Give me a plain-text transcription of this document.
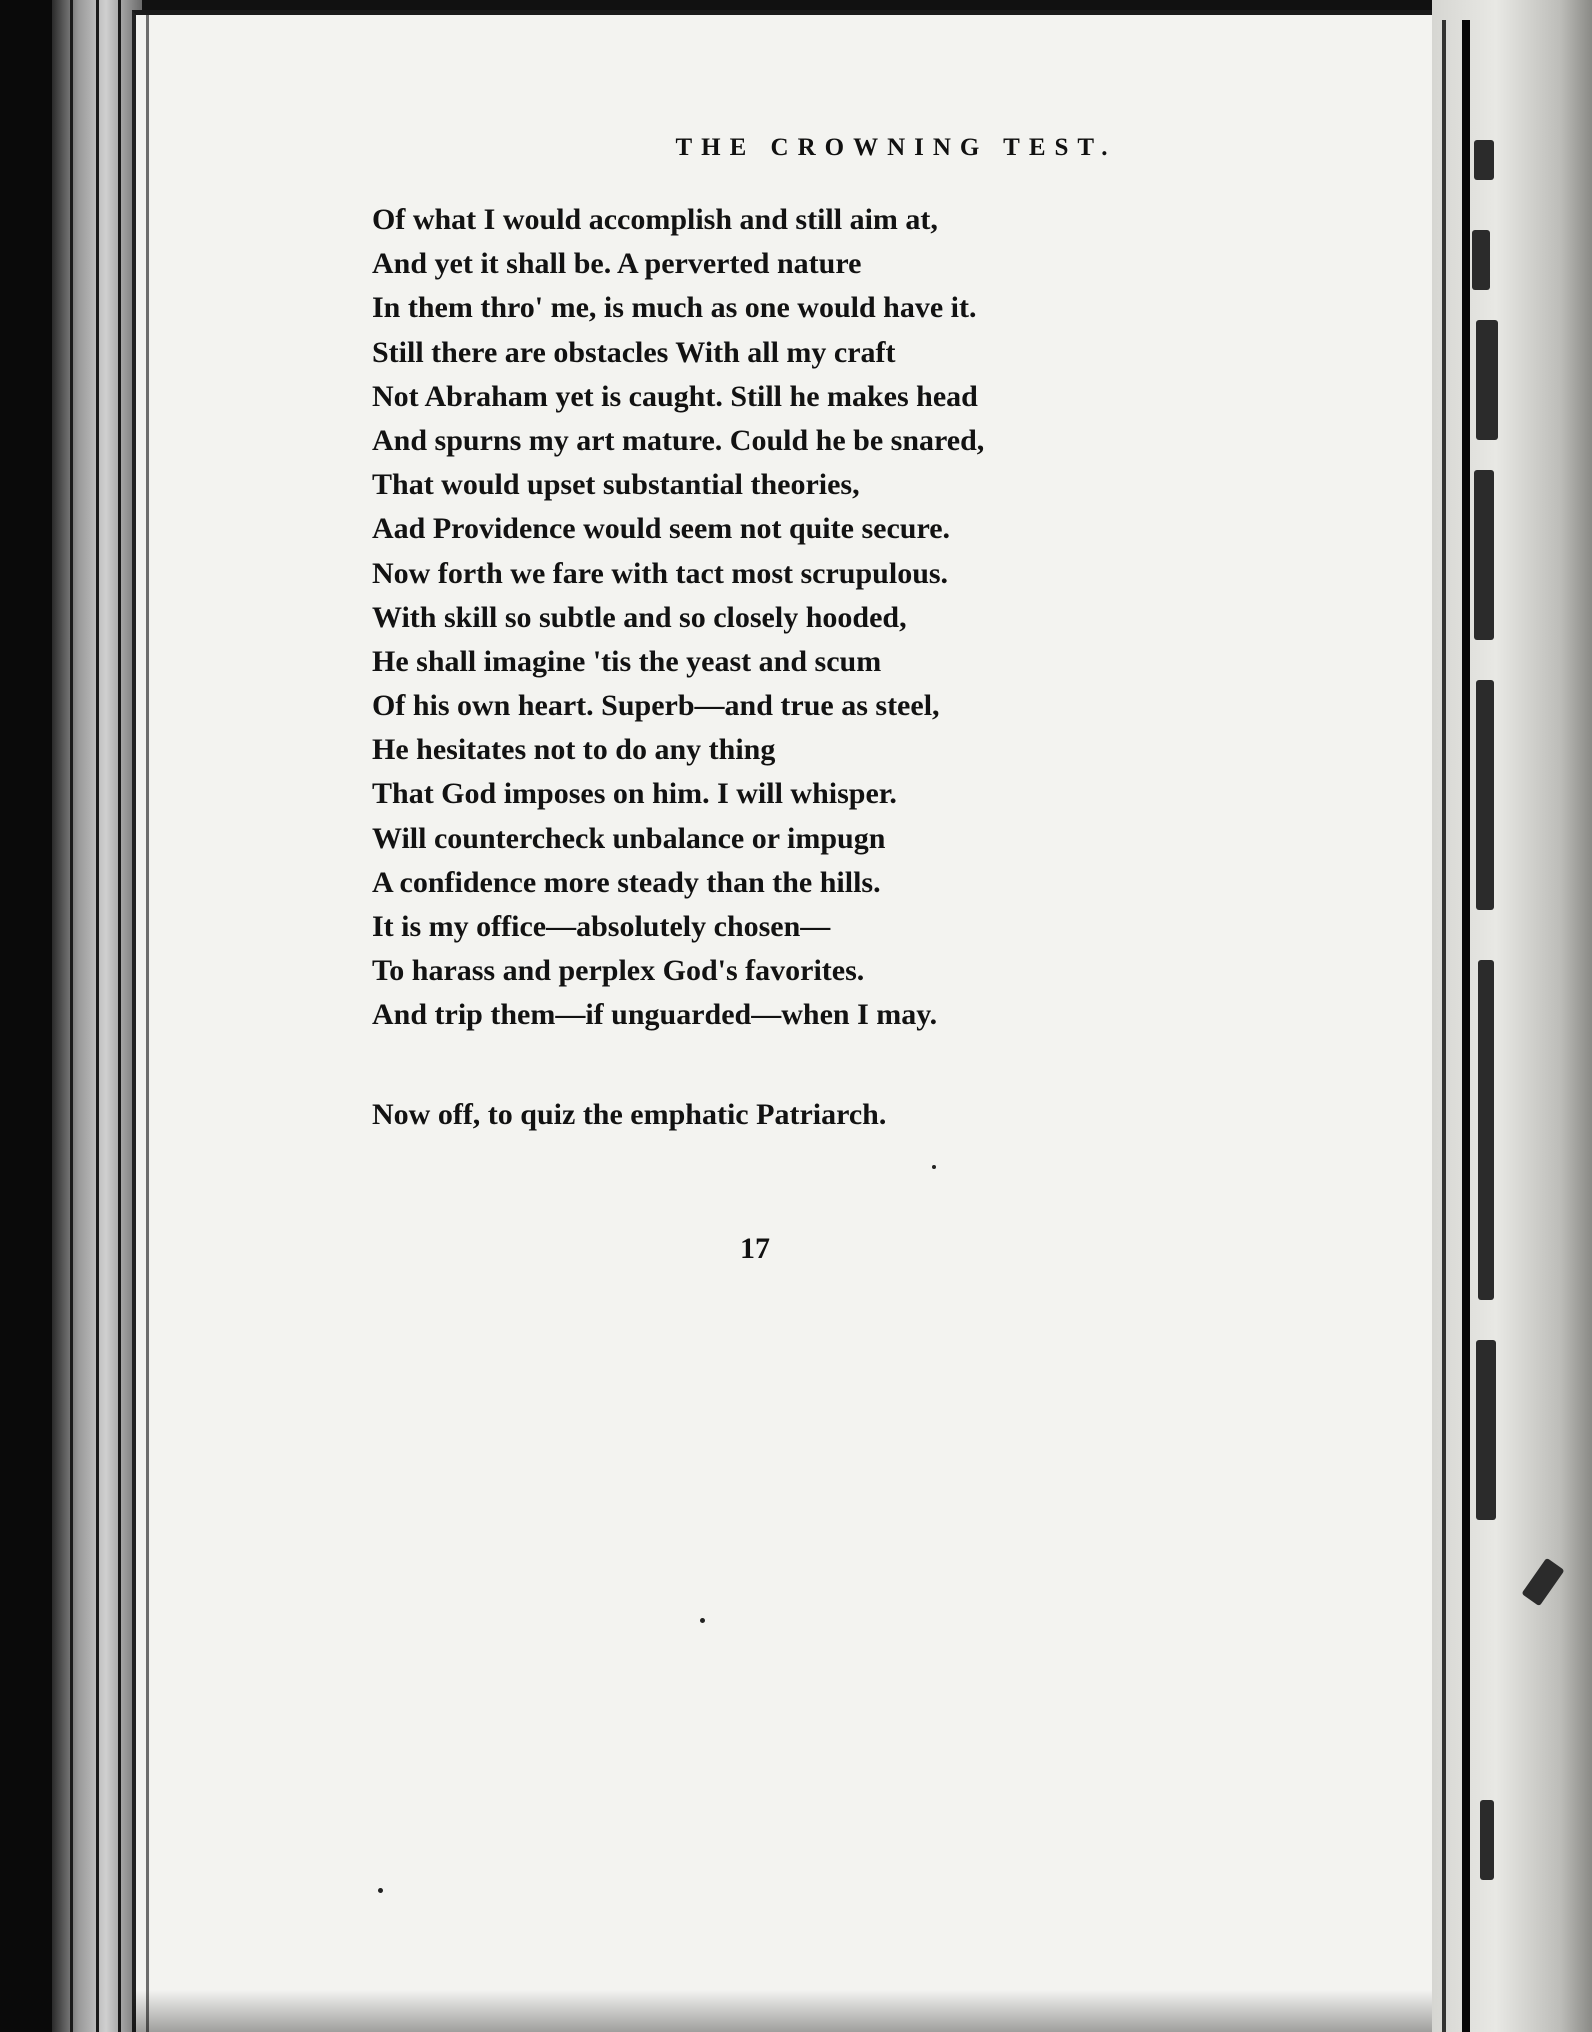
THE CROWNING TEST.
Of what I would accomplish and still aim at,
And yet it shall be. A perverted nature
In them thro' me, is much as one would have it.
Still there are obstacles With all my craft
Not Abraham yet is caught. Still he makes head
And spurns my art mature. Could he be snared,
That would upset substantial theories,
Aad Providence would seem not quite secure.
Now forth we fare with tact most scrupulous.
With skill so subtle and so closely hooded,
He shall imagine 'tis the yeast and scum
Of his own heart. Superb—and true as steel,
He hesitates not to do any thing
That God imposes on him. I will whisper.
Will countercheck unbalance or impugn
A confidence more steady than the hills.
It is my office—absolutely chosen—
To harass and perplex God's favorites.
And trip them—if unguarded—when I may.
Now off, to quiz the emphatic Patriarch.
17
